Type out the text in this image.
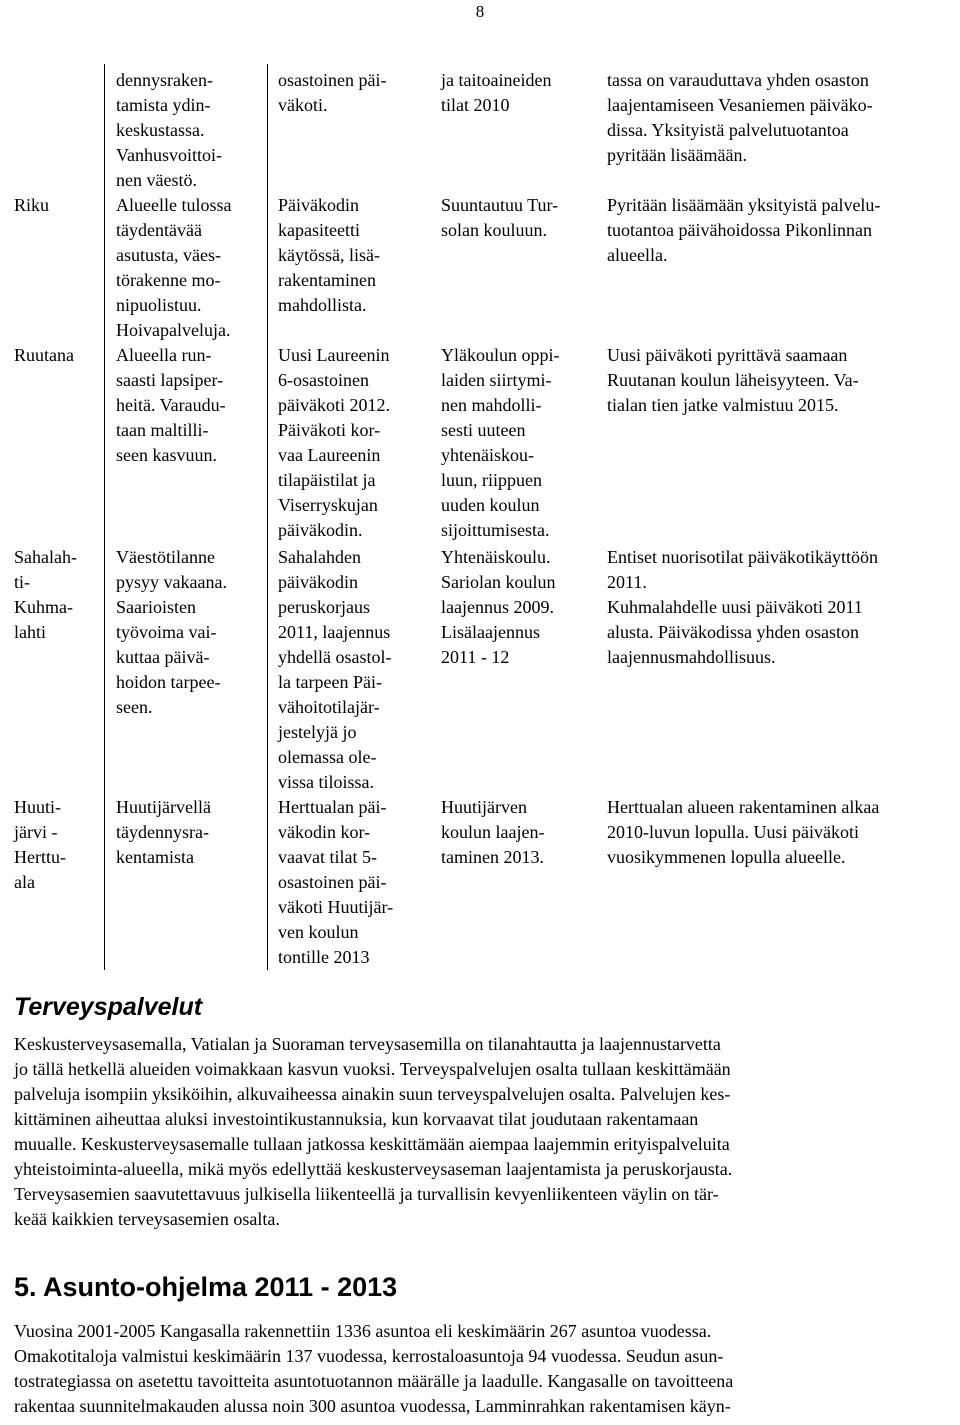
8
Riku
Ruutana
Sahalah-
ti-
Kuhma-
lahti
Huuti-
järvi -
Herttu-
ala
dennysraken-
tamista ydin-
keskustassa.
Vanhusvoittoi-
nen väestö.
Alueelle tulossa
täydentävää
asutusta, väes-
törakenne mo-
nipuolistuu.
Hoivapalveluja.
Alueella run-
saasti lapsiper-
heitä. Varaudu-
taan maltilli-
seen kasvuun.
Väestötilanne
pysyy vakaana.
Saarioisten
työvoima vai-
kuttaa päivä-
hoidon tarpee-
seen.
Huutijärvellä
täydennysra-
kentamista
osastoinen päi-
väkoti.
Päiväkodin
kapasiteetti
käytössä, lisä-
rakentaminen
mahdollista.
Uusi Laureenin
6-osastoinen
päiväkoti 2012.
Päiväkoti kor-
vaa Laureenin
tilapäistilat ja
Viserryskujan
päiväkodin.
Sahalahden
päiväkodin
peruskorjaus
2011, laajennus
yhdellä osastol-
la tarpeen Päi-
vähoitotilajär-
jestelyjä jo
olemassa ole-
vissa tiloissa.
Herttualan päi-
väkodin kor-
vaavat tilat 5-
osastoinen päi-
väkoti Huutijär-
ven koulun
tontille 2013
ja taitoaineiden
tilat 2010
Suuntautuu Tur-
solan kouluun.
Yläkoulun oppi-
laiden siirtymi-
nen mahdolli-
sesti uuteen
yhtenäiskou-
luun, riippuen
uuden koulun
sijoittumisesta.
Yhtenäiskoulu.
Sariolan koulun
laajennus 2009.
Lisälaajennus
2011 - 12
Huutijärven
koulun laajen-
taminen 2013.
tassa on varauduttava yhden osaston
laajentamiseen Vesaniemen päiväko-
dissa. Yksityistä palvelutuotantoa
pyritään lisäämään.
Pyritään lisäämään yksityistä palvelu-
tuotantoa päivähoidossa Pikonlinnan
alueella.
Uusi päiväkoti pyrittävä saamaan
Ruutanan koulun läheisyyteen. Va-
tialan tien jatke valmistuu 2015.
Entiset nuorisotilat päiväkotikäyttöön
2011.
Kuhmalahdelle uusi päiväkoti 2011
alusta. Päiväkodissa yhden osaston
laajennusmahdollisuus.
Herttualan alueen rakentaminen alkaa
2010-luvun lopulla. Uusi päiväkoti
vuosikymmenen lopulla alueelle.
Terveyspalvelut
Keskusterveysasemalla, Vatialan ja Suoraman terveysasemilla on tilanahtautta ja laajennustarvetta
jo tällä hetkellä alueiden voimakkaan kasvun vuoksi. Terveyspalvelujen osalta tullaan keskittämään
palveluja isompiin yksiköihin, alkuvaiheessa ainakin suun terveyspalvelujen osalta. Palvelujen kes-
kittäminen aiheuttaa aluksi investointikustannuksia, kun korvaavat tilat joudutaan rakentamaan
muualle. Keskusterveysasemalle tullaan jatkossa keskittämään aiempaa laajemmin erityispalveluita
yhteistoiminta-alueella, mikä myös edellyttää keskusterveysaseman laajentamista ja peruskorjausta.
Terveysasemien saavutettavuus julkisella liikenteellä ja turvallisin kevyenliikenteen väylin on tär-
keää kaikkien terveysasemien osalta.
5. Asunto-ohjelma 2011 - 2013
Vuosina 2001-2005 Kangasalla rakennettiin 1336 asuntoa eli keskimäärin 267 asuntoa vuodessa.
Omakotitaloja valmistui keskimäärin 137 vuodessa, kerrostaloasuntoja 94 vuodessa. Seudun asun-
tostrategiassa on asetettu tavoitteita asuntotuotannon määrälle ja laadulle. Kangasalle on tavoitteena
rakentaa suunnitelmakauden alussa noin 300 asuntoa vuodessa, Lamminrahkan rakentamisen käyn-
